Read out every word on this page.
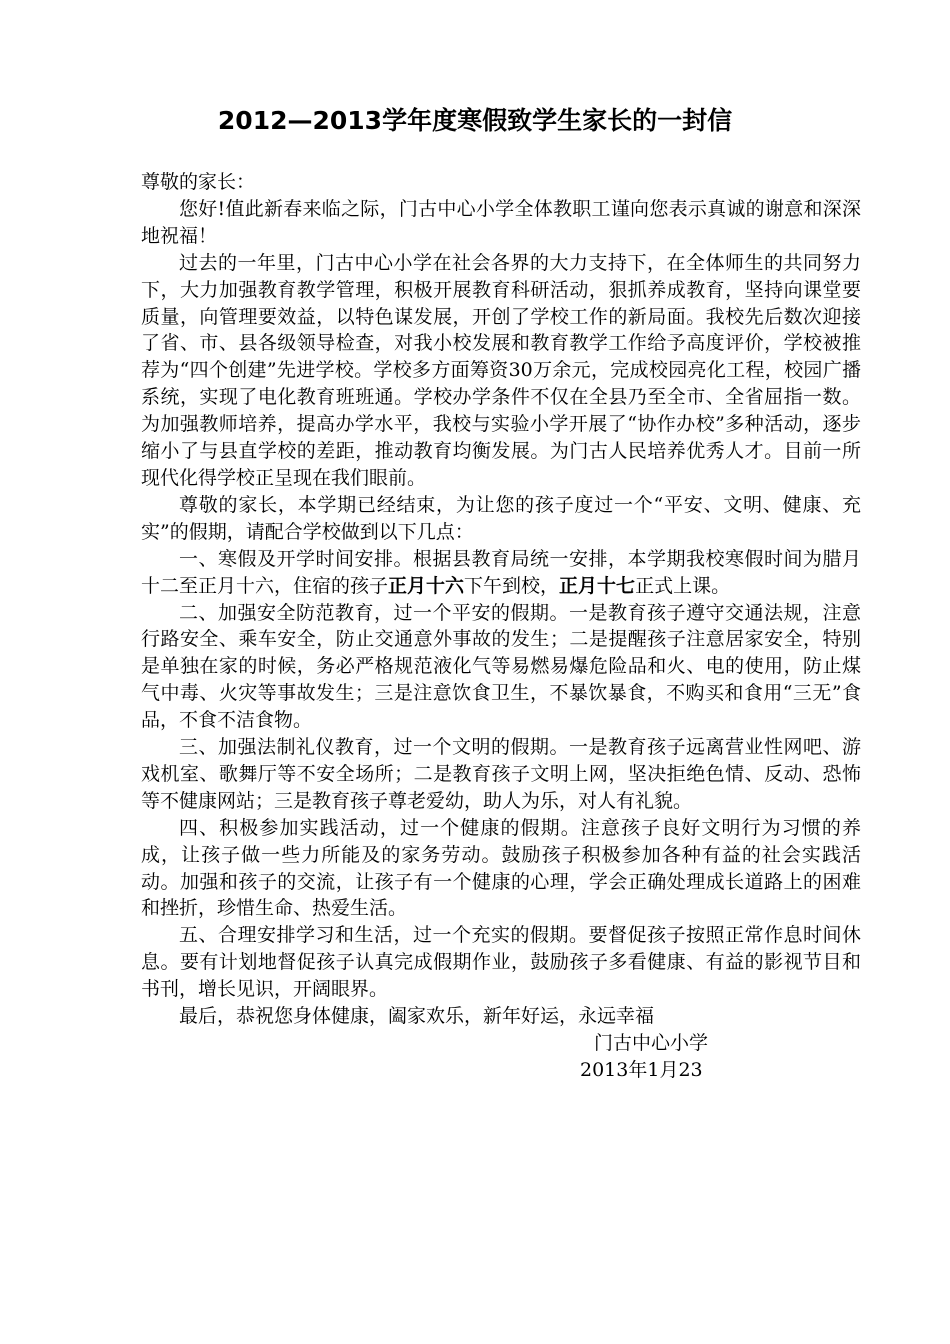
2012—2013学年度寒假致学生家长的一封信

尊敬的家长：

您好!值此新春来临之际，门古中心小学全体教职工谨向您表示真诚的谢意和深深地祝福！

过去的一年里，门古中心小学在社会各界的大力支持下，在全体师生的共同努力下，大力加强教育教学管理，积极开展教育科研活动，狠抓养成教育，坚持向课堂要质量，向管理要效益，以特色谋发展，开创了学校工作的新局面。我校先后数次迎接了省、市、县各级领导检查，对我小校发展和教育教学工作给予高度评价，学校被推荐为“四个创建”先进学校。学校多方面筹资30万余元，完成校园亮化工程，校园广播系统，实现了电化教育班班通。学校办学条件不仅在全县乃至全市、全省屈指一数。为加强教师培养，提高办学水平，我校与实验小学开展了“协作办校”多种活动，逐步缩小了与县直学校的差距，推动教育均衡发展。为门古人民培养优秀人才。目前一所现代化得学校正呈现在我们眼前。

尊敬的家长，本学期已经结束，为让您的孩子度过一个“平安、文明、健康、充实”的假期，请配合学校做到以下几点：

一、寒假及开学时间安排。根据县教育局统一安排，本学期我校寒假时间为腊月十二至正月十六，住宿的孩子正月十六下午到校，正月十七正式上课。

二、加强安全防范教育，过一个平安的假期。一是教育孩子遵守交通法规，注意行路安全、乘车安全，防止交通意外事故的发生；二是提醒孩子注意居家安全，特别是单独在家的时候，务必严格规范液化气等易燃易爆危险品和火、电的使用，防止煤气中毒、火灾等事故发生；三是注意饮食卫生，不暴饮暴食，不购买和食用“三无”食品，不食不洁食物。

三、加强法制礼仪教育，过一个文明的假期。一是教育孩子远离营业性网吧、游戏机室、歌舞厅等不安全场所；二是教育孩子文明上网，坚决拒绝色情、反动、恐怖等不健康网站；三是教育孩子尊老爱幼，助人为乐，对人有礼貌。

四、积极参加实践活动，过一个健康的假期。注意孩子良好文明行为习惯的养成，让孩子做一些力所能及的家务劳动。鼓励孩子积极参加各种有益的社会实践活动。加强和孩子的交流，让孩子有一个健康的心理，学会正确处理成长道路上的困难和挫折，珍惜生命、热爱生活。

五、合理安排学习和生活，过一个充实的假期。要督促孩子按照正常作息时间休息。要有计划地督促孩子认真完成假期作业，鼓励孩子多看健康、有益的影视节目和书刊，增长见识，开阔眼界。

最后，恭祝您身体健康，阖家欢乐，新年好运，永远幸福

门古中心小学

2013年1月23
